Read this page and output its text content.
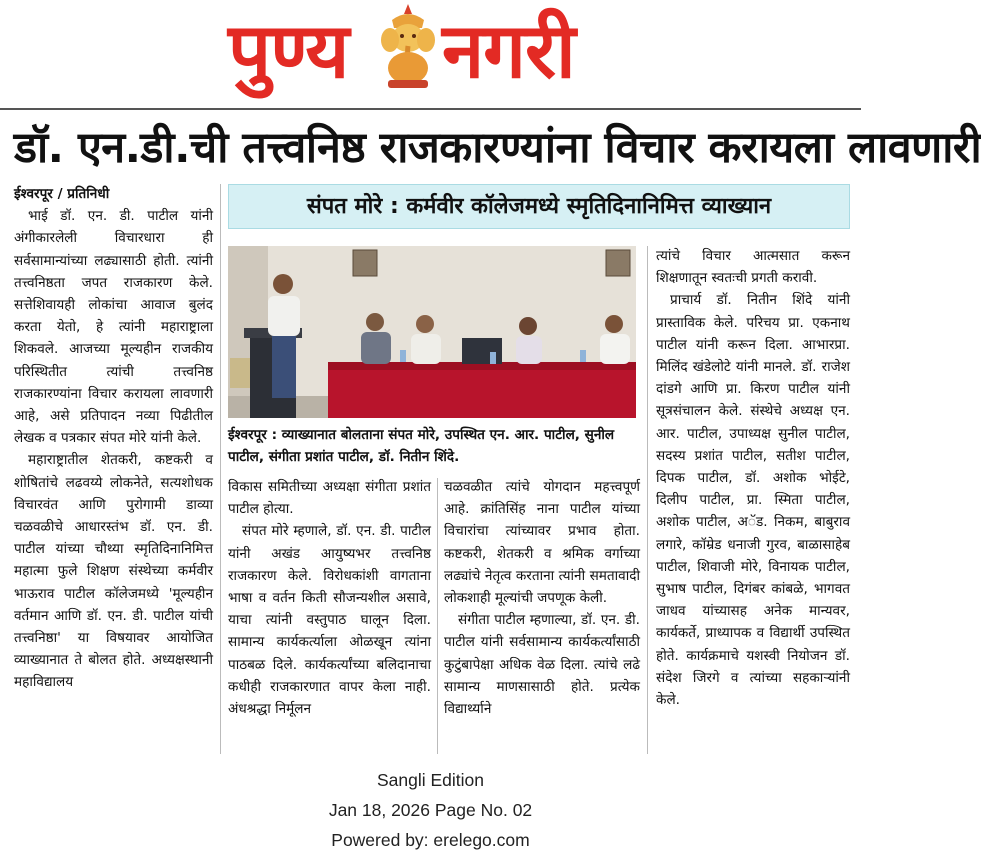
पुण्य नगरी
डॉ. एन.डी.ची तत्त्वनिष्ठ राजकारण्यांना विचार करायला लावणारी

ईश्वरपूर / प्रतिनिधी

भाई डॉ. एन. डी. पाटील यांनी अंगीकारलेली विचारधारा ही सर्वसामान्यांच्या लढ्यासाठी होती. त्यांनी तत्त्वनिष्ठता जपत राजकारण केले. सत्तेशिवायही लोकांचा आवाज बुलंद करता येतो, हे त्यांनी महाराष्ट्राला शिकवले. आजच्या मूल्यहीन राजकीय परिस्थितीत त्यांची तत्त्वनिष्ठ राजकारण्यांना विचार करायला लावणारी आहे, असे प्रतिपादन नव्या पिढीतील लेखक व पत्रकार संपत मोरे यांनी केले.

महाराष्ट्रातील शेतकरी, कष्टकरी व शोषितांचे लढवय्ये लोकनेते, सत्यशोधक विचारवंत आणि पुरोगामी डाव्या चळवळीचे आधारस्तंभ डॉ. एन. डी. पाटील यांच्या चौथ्या स्मृतिदिनानिमित्त महात्मा फुले शिक्षण संस्थेच्या कर्मवीर भाऊराव पाटील कॉलेजमध्ये 'मूल्यहीन वर्तमान आणि डॉ. एन. डी. पाटील यांची तत्त्वनिष्ठा' या विषयावर आयोजित व्याख्यानात ते बोलत होते. अध्यक्षस्थानी महाविद्यालय

संपत मोरे : कर्मवीर कॉलेजमध्ये स्मृतिदिनानिमित्त व्याख्यान
ईश्वरपूर : व्याख्यानात बोलताना संपत मोरे, उपस्थित एन. आर. पाटील, सुनील पाटील, संगीता प्रशांत पाटील, डॉ. नितीन शिंदे.

विकास समितीच्या अध्यक्षा संगीता प्रशांत पाटील होत्या.

संपत मोरे म्हणाले, डॉ. एन. डी. पाटील यांनी अखंड आयुष्यभर तत्त्वनिष्ठ राजकारण केले. विरोधकांशी वागताना भाषा व वर्तन किती सौजन्यशील असावे, याचा त्यांनी वस्तुपाठ घालून दिला. सामान्य कार्यकर्त्याला ओळखून त्यांना पाठबळ दिले. कार्यकर्त्यांच्या बलिदानाचा कधीही राजकारणात वापर केला नाही. अंधश्रद्धा निर्मूलन

चळवळीत त्यांचे योगदान महत्त्वपूर्ण आहे. क्रांतिसिंह नाना पाटील यांच्या विचारांचा त्यांच्यावर प्रभाव होता. कष्टकरी, शेतकरी व श्रमिक वर्गाच्या लढ्यांचे नेतृत्व करताना त्यांनी समतावादी लोकशाही मूल्यांची जपणूक केली.

संगीता पाटील म्हणाल्या, डॉ. एन. डी. पाटील यांनी सर्वसामान्य कार्यकर्त्यांसाठी कुटुंबापेक्षा अधिक वेळ दिला. त्यांचे लढे सामान्य माणसासाठी होते. प्रत्येक विद्यार्थ्याने

त्यांचे विचार आत्मसात करून शिक्षणातून स्वतःची प्रगती करावी.

प्राचार्य डॉ. नितीन शिंदे यांनी प्रास्ताविक केले. परिचय प्रा. एकनाथ पाटील यांनी करून दिला. आभारप्रा. मिलिंद खंडेलोटे यांनी मानले. डॉ. राजेश दांडगे आणि प्रा. किरण पाटील यांनी सूत्रसंचालन केले. संस्थेचे अध्यक्ष एन. आर. पाटील, उपाध्यक्ष सुनील पाटील, सदस्य प्रशांत पाटील, सतीश पाटील, दिपक पाटील, डॉ. अशोक भोईटे, दिलीप पाटील, प्रा. स्मिता पाटील, अशोक पाटील, अॅड. निकम, बाबुराव लगारे, कॉम्रेड धनाजी गुरव, बाळासाहेब पाटील, शिवाजी मोरे, विनायक पाटील, सुभाष पाटील, दिगंबर कांबळे, भागवत जाधव यांच्यासह अनेक मान्यवर, कार्यकर्ते, प्राध्यापक व विद्यार्थी उपस्थित होते. कार्यक्रमाचे यशस्वी नियोजन डॉ. संदेश जिरगे व त्यांच्या सहकाऱ्यांनी केले.

Sangli Edition
Jan 18, 2026 Page No. 02
Powered by: erelego.com
